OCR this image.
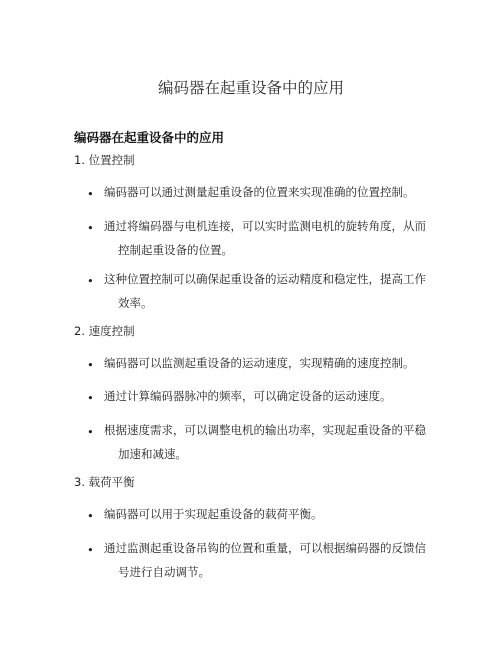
编码器在起重设备中的应用
编码器在起重设备中的应用
1. 位置控制
• 编码器可以通过测量起重设备的位置来实现准确的位置控制。
• 通过将编码器与电机连接，可以实时监测电机的旋转角度，从而
控制起重设备的位置。
• 这种位置控制可以确保起重设备的运动精度和稳定性，提高工作
效率。
2. 速度控制
• 编码器可以监测起重设备的运动速度，实现精确的速度控制。
• 通过计算编码器脉冲的频率，可以确定设备的运动速度。
• 根据速度需求，可以调整电机的输出功率，实现起重设备的平稳
加速和减速。
3. 载荷平衡
• 编码器可以用于实现起重设备的载荷平衡。
• 通过监测起重设备吊钩的位置和重量，可以根据编码器的反馈信
号进行自动调节。
